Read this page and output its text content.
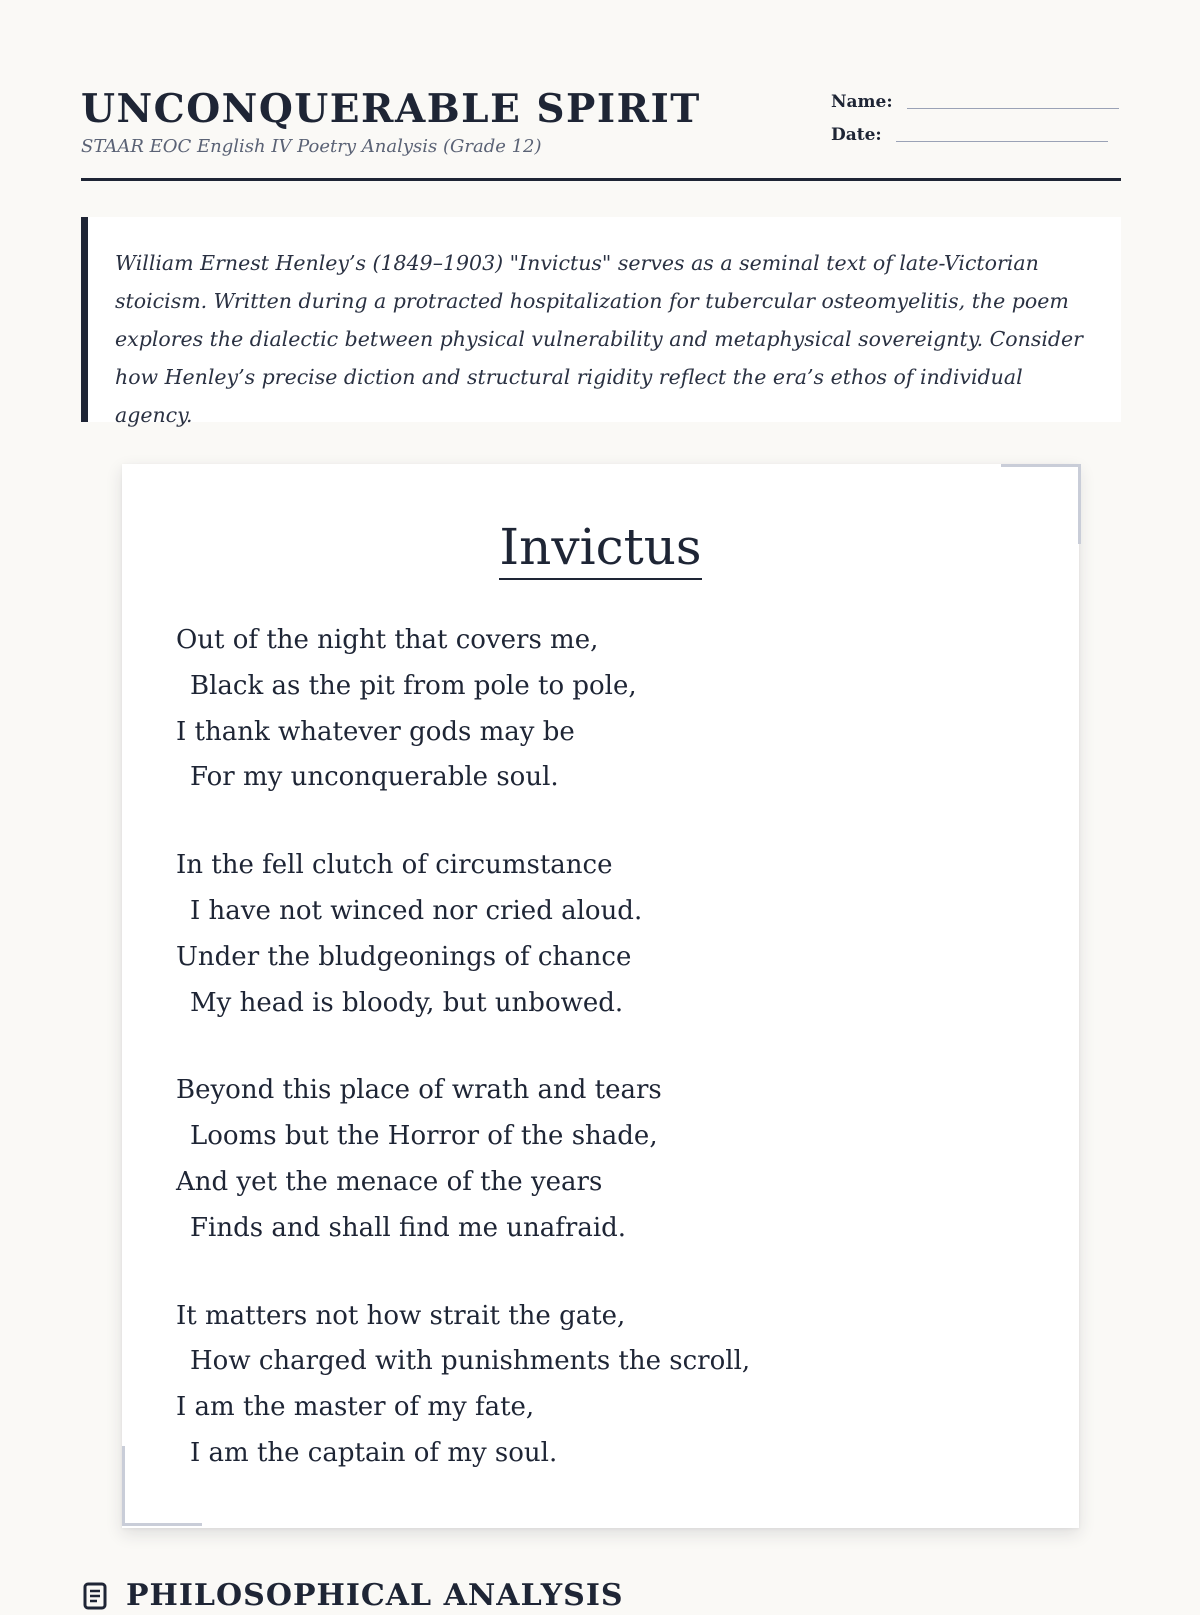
UNCONQUERABLE SPIRIT
STAAR EOC English IV Poetry Analysis (Grade 12)
Name:
Date:

William Ernest Henley’s (1849–1903) "Invictus" serves as a seminal text of late-Victorian stoicism. Written during a protracted hospitalization for tubercular osteomyelitis, the poem explores the dialectic between physical vulnerability and metaphysical sovereignty. Consider how Henley’s precise diction and structural rigidity reflect the era’s ethos of individual agency.

Invictus
Out of the night that covers me,
Black as the pit from pole to pole,
I thank whatever gods may be
For my unconquerable soul.
In the fell clutch of circumstance
I have not winced nor cried aloud.
Under the bludgeonings of chance
My head is bloody, but unbowed.
Beyond this place of wrath and tears
Looms but the Horror of the shade,
And yet the menace of the years
Finds and shall find me unafraid.
It matters not how strait the gate,
How charged with punishments the scroll,
I am the master of my fate,
I am the captain of my soul.
PHILOSOPHICAL ANALYSIS
